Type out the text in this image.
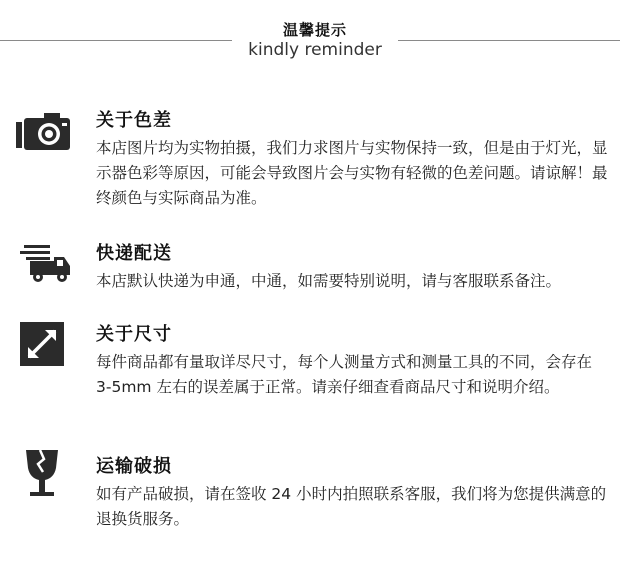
温馨提示
kindly reminder
关于色差
本店图片均为实物拍摄，我们力求图片与实物保持一致，但是由于灯光，显示器色彩等原因，可能会导致图片会与实物有轻微的色差问题。请谅解！最终颜色与实际商品为准。
快递配送
本店默认快递为申通，中通，如需要特别说明，请与客服联系备注。
关于尺寸
每件商品都有量取详尽尺寸，每个人测量方式和测量工具的不同，会存在 3-5mm 左右的误差属于正常。请亲仔细查看商品尺寸和说明介绍。
运输破损
如有产品破损，请在签收 24 小时内拍照联系客服，我们将为您提供满意的退换货服务。
